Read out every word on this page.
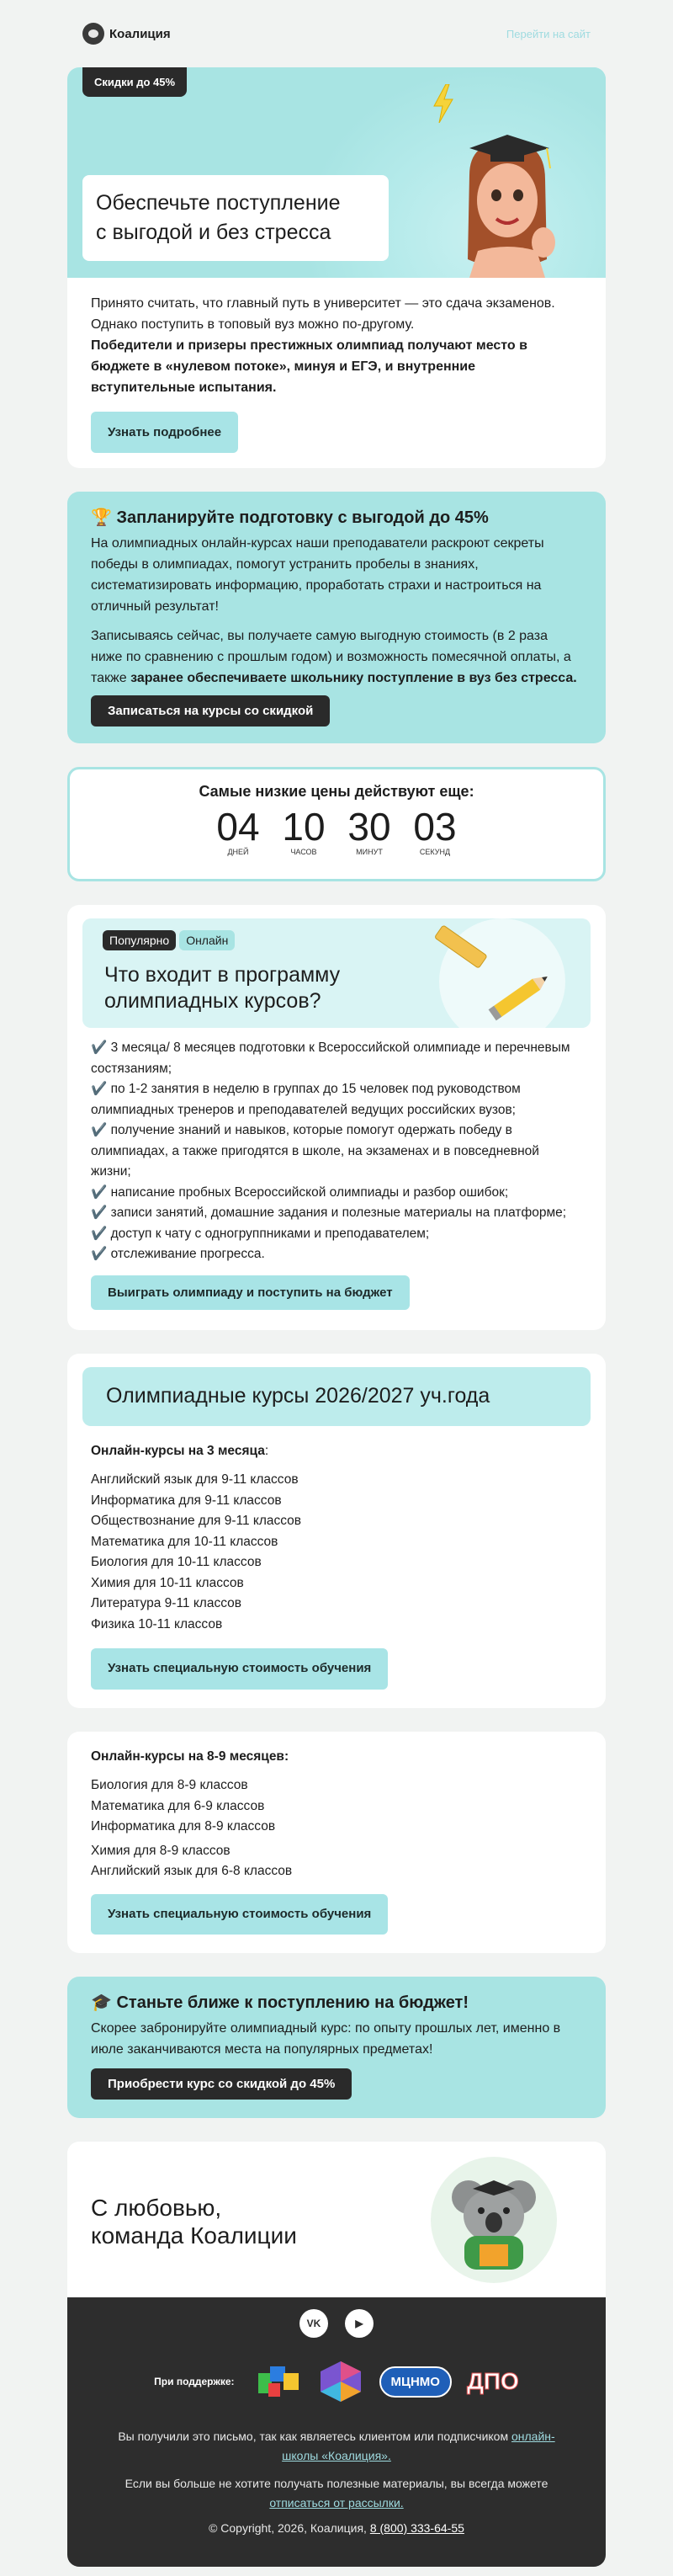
Коалиция	Перейти на сайт
Скидки до 45%
Обеспечьте поступление
с выгодой и без стресса

Принято считать, что главный путь в университет — это сдача экзаменов. Однако поступить в топовый вуз можно по-другому.
Победители и призеры престижных олимпиад получают место в бюджете в «нулевом потоке», минуя и ЕГЭ, и внутренние вступительные испытания.

Узнать подробнее
🏆 Запланируйте подготовку с выгодой до 45%

На олимпиадных онлайн-курсах наши преподаватели раскроют секреты победы в олимпиадах, помогут устранить пробелы в знаниях, систематизировать информацию, проработать страхи и настроиться на отличный результат!

Записываясь сейчас, вы получаете самую выгодную стоимость (в 2 раза ниже по сравнению с прошлым годом) и возможность помесячной оплаты, а также заранее обеспечиваете школьнику поступление в вуз без стресса.

Записаться на курсы со скидкой
Самые низкие цены действуют еще:
04
ДНЕЙ
10
ЧАСОВ
30
МИНУТ
03
СЕКУНД
Популярно Онлайн
Что входит в программу
олимпиадных курсов?
✔️ 3 месяца/ 8 месяцев подготовки к Всероссийской олимпиаде и перечневым состязаниям;
✔️ по 1-2 занятия в неделю в группах до 15 человек под руководством олимпиадных тренеров и преподавателей ведущих российских вузов;
✔️ получение знаний и навыков, которые помогут одержать победу в олимпиадах, а также пригодятся в школе, на экзаменах и в повседневной жизни;
✔️ написание пробных Всероссийской олимпиады и разбор ошибок;
✔️ записи занятий, домашние задания и полезные материалы на платформе;
✔️ доступ к чату с одногруппниками и преподавателем;
✔️ отслеживание прогресса.
Выиграть олимпиаду и поступить на бюджет
Олимпиадные курсы 2026/2027 уч.года
Онлайн-курсы на 3 месяца:
Английский язык для 9-11 классов
Информатика для 9-11 классов
Обществознание для 9-11 классов
Математика для 10-11 классов
Биология для 10-11 классов
Химия для 10-11 классов
Литература 9-11 классов
Физика 10-11 классов
Узнать специальную стоимость обучения
Онлайн-курсы на 8-9 месяцев:
Биология для 8-9 классов
Математика для 6-9 классов
Информатика для 8-9 классов
Химия для 8-9 классов
Английский язык для 6-8 классов
Узнать специальную стоимость обучения
🎓 Станьте ближе к поступлению на бюджет!

Скорее забронируйте олимпиадный курс: по опыту прошлых лет, именно в июле заканчиваются места на популярных предметах!

Приобрести курс со скидкой до 45%
С любовью,
команда Коалиции
VK	▶
При поддержке:	МЦНМО	ДПО

Вы получили это письмо, так как являетесь клиентом или подписчиком онлайн-школы «Коалиция».

Если вы больше не хотите получать полезные материалы, вы всегда можете отписаться от рассылки.

© Copyright, 2026, Коалиция, 8 (800) 333-64-55
